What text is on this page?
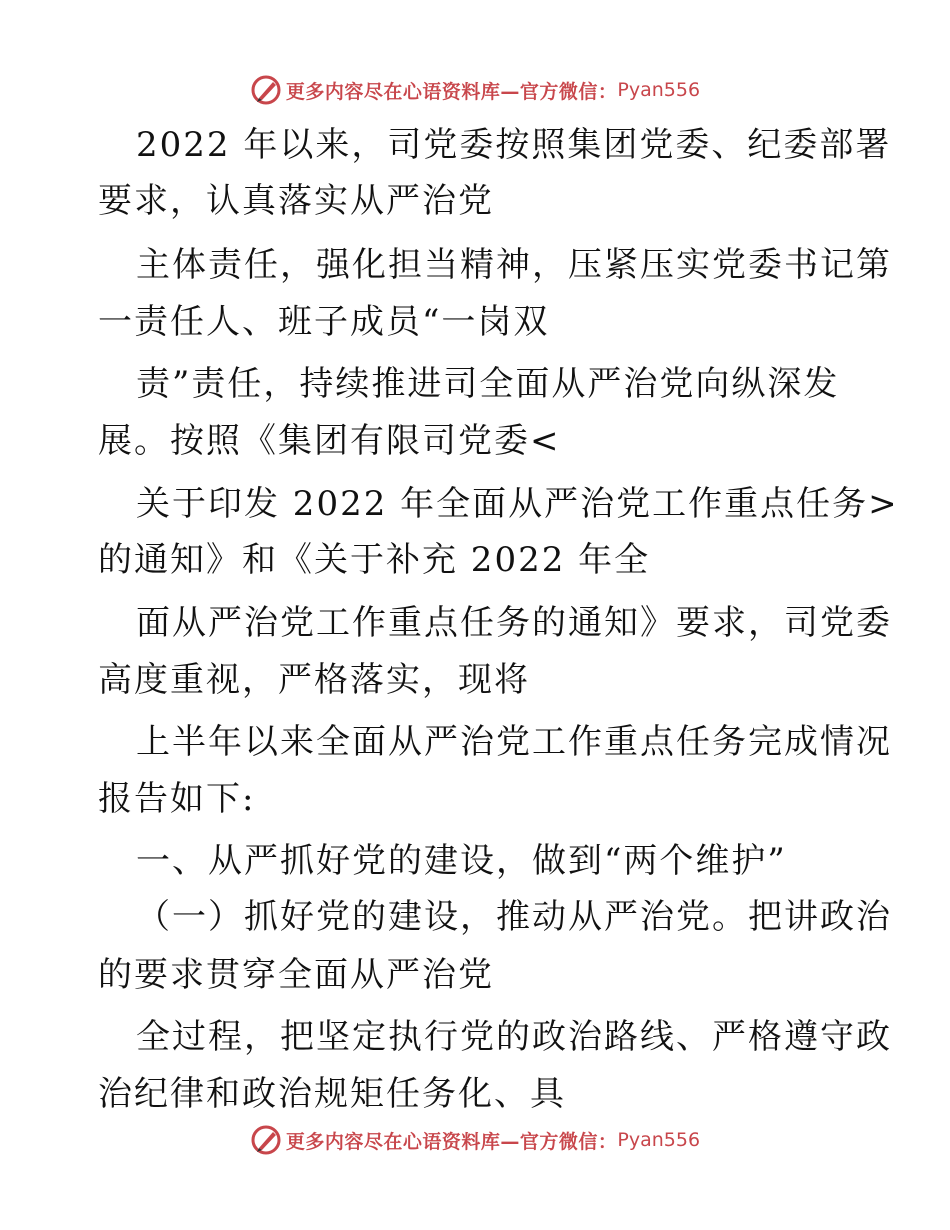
更多内容尽在心语资料库—官方微信： Pyan556
2022 年以来，司党委按照集团党委、纪委部署
要求，认真落实从严治党
主体责任，强化担当精神，压紧压实党委书记第
一责任人、班子成员“一岗双
责”责任，持续推进司全面从严治党向纵深发
展。按照《集团有限司党委<
关于印发 2022 年全面从严治党工作重点任务>
的通知》和《关于补充 2022 年全
面从严治党工作重点任务的通知》要求，司党委
高度重视，严格落实，现将
上半年以来全面从严治党工作重点任务完成情况
报告如下:
一、从严抓好党的建设，做到“两个维护”
（一）抓好党的建设，推动从严治党。把讲政治
的要求贯穿全面从严治党
全过程，把坚定执行党的政治路线、严格遵守政
治纪律和政治规矩任务化、具
更多内容尽在心语资料库—官方微信： Pyan556
